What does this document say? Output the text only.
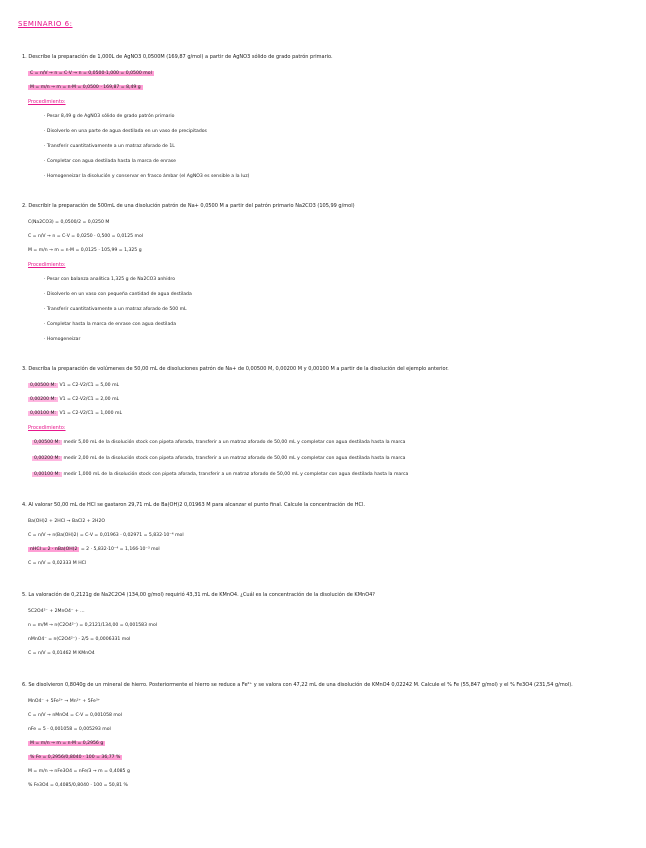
SEMINARIO 6:
1. Describe la preparación de 1,000L de AgNO3 0,0500M (169,87 g/mol) a partir de AgNO3 sólido de grado patrón primario.
C = n/V → n = C·V → n = 0,0500·1,000 = 0,0500 mol
M = m/n → m = n·M = 0,0500 · 169,87 = 8,49 g
Procedimiento:
· Pesar 8,49 g de AgNO3 sólido de grado patrón primario
· Disolverlo en una parte de agua destilada en un vaso de precipitados
· Transferir cuantitativamente a un matraz aforado de 1L
· Completar con agua destilada hasta la marca de enrase
· Homogeneizar la disolución y conservar en frasco ámbar (el AgNO3 es sensible a la luz)
2. Describir la preparación de 500mL de una disolución patrón de Na+ 0,0500 M a partir del patrón primario Na2CO3 (105,99 g/mol)
C(Na2CO3) = 0,0500/2 = 0,0250 M
C = n/V → n = C·V = 0,0250 · 0,500 = 0,0125 mol
M = m/n → m = n·M = 0,0125 · 105,99 = 1,325 g
Procedimiento:
· Pesar con balanza analítica 1,325 g de Na2CO3 anhidro
· Disolverlo en un vaso con pequeña cantidad de agua destilada
· Transferir cuantitativamente a un matraz aforado de 500 mL
· Completar hasta la marca de enrase con agua destilada
· Homogeneizar
3. Describa la preparación de volúmenes de 50,00 mL de disoluciones patrón de Na+ de 0,00500 M, 0,00200 M y 0,00100 M a partir de la disolución del ejemplo anterior.
0,00500 M: V1 = C2·V2/C1 = 5,00 mL
0,00200 M: V1 = C2·V2/C1 = 2,00 mL
0,00100 M: V1 = C2·V2/C1 = 1,000 mL
Procedimiento:
0,00500 M: medir 5,00 mL de la disolución stock con pipeta aforada, transferir a un matraz aforado de 50,00 mL y completar con agua destilada hasta la marca
0,00200 M: medir 2,00 mL de la disolución stock con pipeta aforada, transferir a un matraz aforado de 50,00 mL y completar con agua destilada hasta la marca
0,00100 M: medir 1,000 mL de la disolución stock con pipeta aforada, transferir a un matraz aforado de 50,00 mL y completar con agua destilada hasta la marca
4. Al valorar 50,00 mL de HCl se gastaron 29,71 mL de Ba(OH)2 0,01963 M para alcanzar el punto final. Calcule la concentración de HCl.
Ba(OH)2 + 2HCl → BaCl2 + 2H2O
C = n/V → n(Ba(OH)2) = C·V = 0,01963 · 0,02971 = 5,832·10⁻⁴ mol
nHCl = 2 · nBa(OH)2 = 2 · 5,832·10⁻⁴ = 1,166·10⁻³ mol
C = n/V = 0,02333 M HCl
5. La valoración de 0,2121g de Na2C2O4 (134,00 g/mol) requirió 43,31 mL de KMnO4. ¿Cuál es la concentración de la disolución de KMnO4?
5C2O4²⁻ + 2MnO4⁻ + ...
n = m/M → n(C2O4²⁻) = 0,2121/134,00 = 0,001583 mol
nMnO4⁻ = n(C2O4²⁻) · 2/5 = 0,0006331 mol
C = n/V = 0,01462 M KMnO4
6. Se disolvieron 0,8040g de un mineral de hierro. Posteriormente el hierro se reduce a Fe²⁺ y se valora con 47,22 mL de una disolución de KMnO4 0,02242 M. Calcule el % Fe (55,847 g/mol) y el % Fe3O4 (231,54 g/mol).
MnO4⁻ + 5Fe²⁺ → Mn²⁺ + 5Fe³⁺
C = n/V → nMnO4 = C·V = 0,001058 mol
nFe = 5 · 0,001058 = 0,005293 mol
M = m/n → m = n·M = 0,2956 g
% Fe = 0,2956/0,8040 · 100 = 36,77 %
M = m/n → nFe3O4 = nFe/3 → m = 0,4085 g
% Fe3O4 = 0,4085/0,8040 · 100 = 50,81 %
